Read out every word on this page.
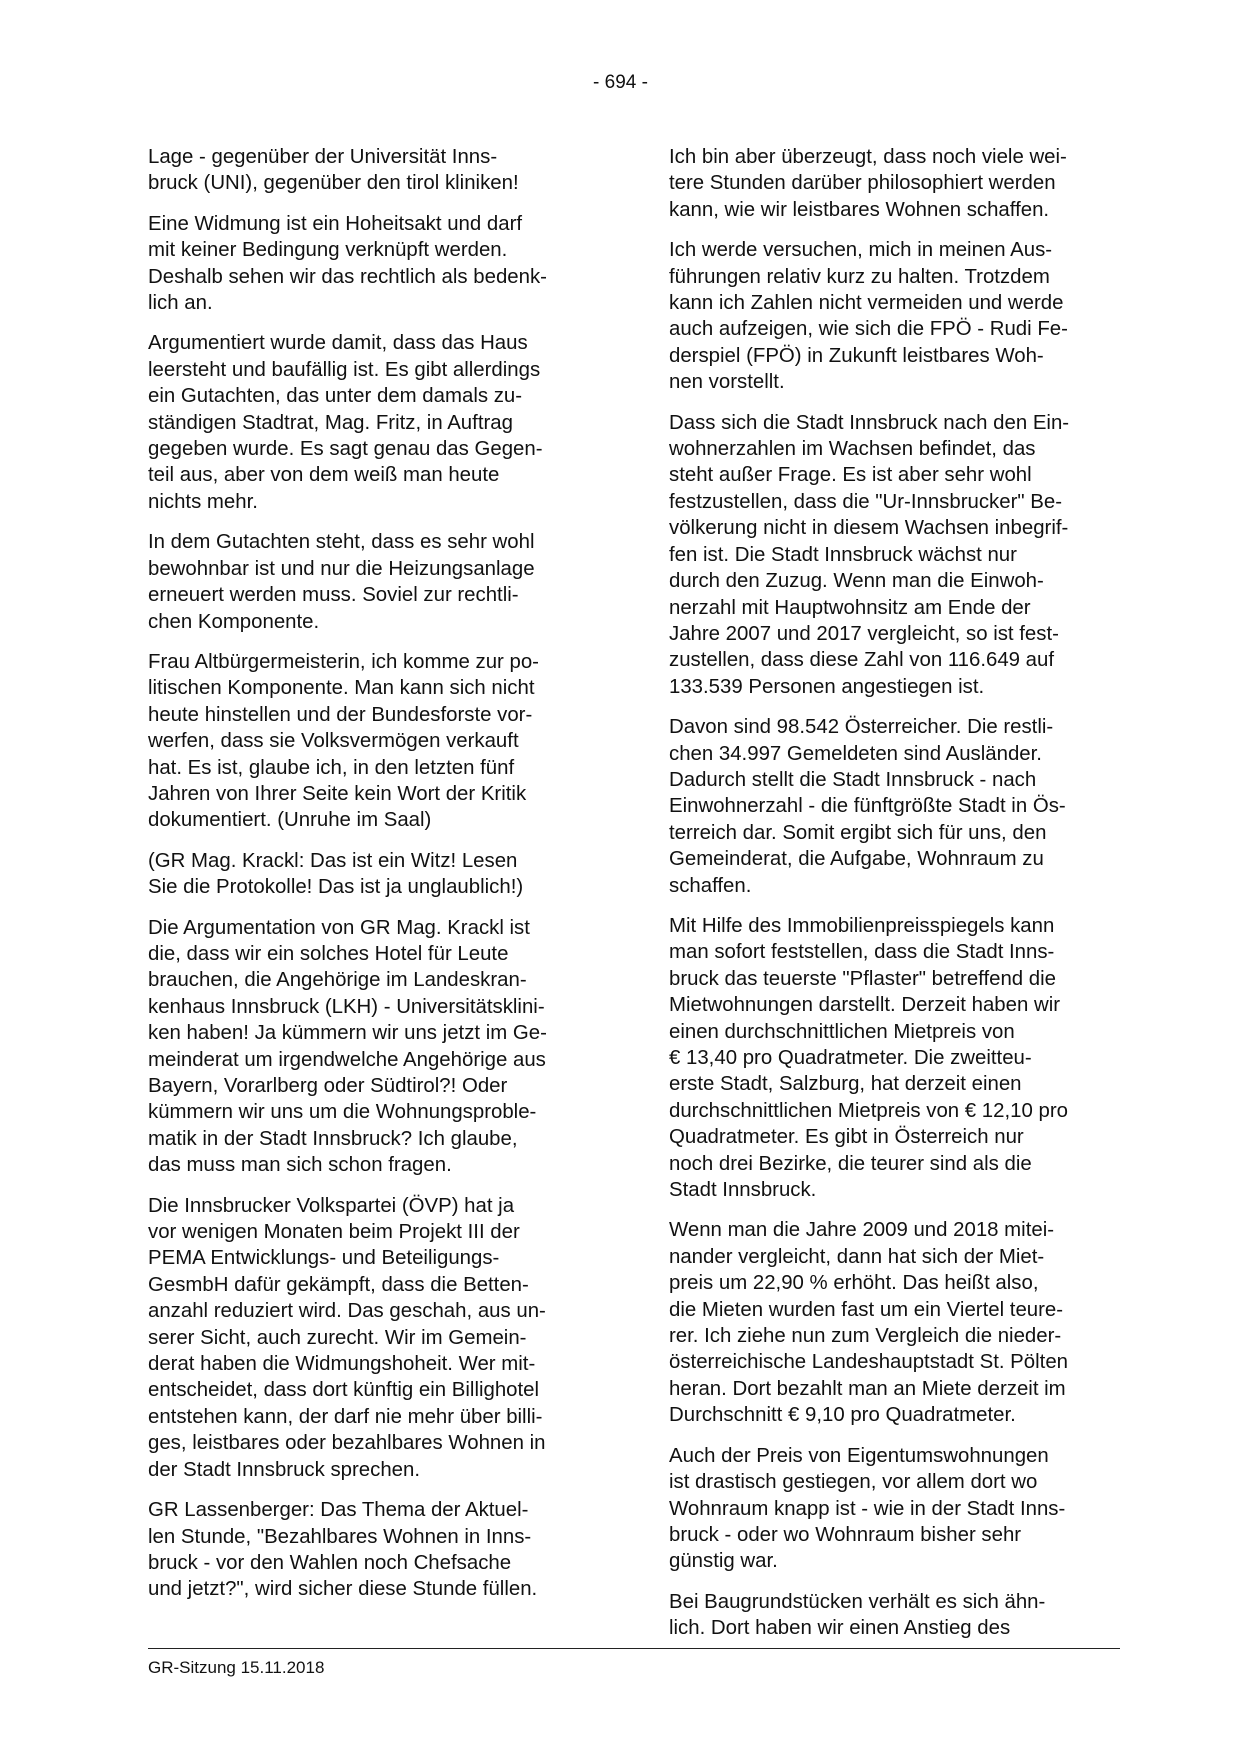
- 694 -

Lage - gegenüber der Universität Inns-
bruck (UNI), gegenüber den tirol kliniken!

Eine Widmung ist ein Hoheitsakt und darf
mit keiner Bedingung verknüpft werden.
Deshalb sehen wir das rechtlich als bedenk-
lich an.

Argumentiert wurde damit, dass das Haus
leersteht und baufällig ist. Es gibt allerdings
ein Gutachten, das unter dem damals zu-
ständigen Stadtrat, Mag. Fritz, in Auftrag
gegeben wurde. Es sagt genau das Gegen-
teil aus, aber von dem weiß man heute
nichts mehr.

In dem Gutachten steht, dass es sehr wohl
bewohnbar ist und nur die Heizungsanlage
erneuert werden muss. Soviel zur rechtli-
chen Komponente.

Frau Altbürgermeisterin, ich komme zur po-
litischen Komponente. Man kann sich nicht
heute hinstellen und der Bundesforste vor-
werfen, dass sie Volksvermögen verkauft
hat. Es ist, glaube ich, in den letzten fünf
Jahren von Ihrer Seite kein Wort der Kritik
dokumentiert. (Unruhe im Saal)

(GR Mag. Krackl: Das ist ein Witz! Lesen
Sie die Protokolle! Das ist ja unglaublich!)

Die Argumentation von GR Mag. Krackl ist
die, dass wir ein solches Hotel für Leute
brauchen, die Angehörige im Landeskran-
kenhaus Innsbruck (LKH) - Universitätsklini-
ken haben! Ja kümmern wir uns jetzt im Ge-
meinderat um irgendwelche Angehörige aus
Bayern, Vorarlberg oder Südtirol?! Oder
kümmern wir uns um die Wohnungsproble-
matik in der Stadt Innsbruck? Ich glaube,
das muss man sich schon fragen.

Die Innsbrucker Volkspartei (ÖVP) hat ja
vor wenigen Monaten beim Projekt III der
PEMA Entwicklungs- und Beteiligungs-
GesmbH dafür gekämpft, dass die Betten-
anzahl reduziert wird. Das geschah, aus un-
serer Sicht, auch zurecht. Wir im Gemein-
derat haben die Widmungshoheit. Wer mit-
entscheidet, dass dort künftig ein Billighotel
entstehen kann, der darf nie mehr über billi-
ges, leistbares oder bezahlbares Wohnen in
der Stadt Innsbruck sprechen.

GR Lassenberger: Das Thema der Aktuel-
len Stunde, "Bezahlbares Wohnen in Inns-
bruck - vor den Wahlen noch Chefsache
und jetzt?", wird sicher diese Stunde füllen.

Ich bin aber überzeugt, dass noch viele wei-
tere Stunden darüber philosophiert werden
kann, wie wir leistbares Wohnen schaffen.

Ich werde versuchen, mich in meinen Aus-
führungen relativ kurz zu halten. Trotzdem
kann ich Zahlen nicht vermeiden und werde
auch aufzeigen, wie sich die FPÖ - Rudi Fe-
derspiel (FPÖ) in Zukunft leistbares Woh-
nen vorstellt.

Dass sich die Stadt Innsbruck nach den Ein-
wohnerzahlen im Wachsen befindet, das
steht außer Frage. Es ist aber sehr wohl
festzustellen, dass die "Ur-Innsbrucker" Be-
völkerung nicht in diesem Wachsen inbegrif-
fen ist. Die Stadt Innsbruck wächst nur
durch den Zuzug. Wenn man die Einwoh-
nerzahl mit Hauptwohnsitz am Ende der
Jahre 2007 und 2017 vergleicht, so ist fest-
zustellen, dass diese Zahl von 116.649 auf
133.539 Personen angestiegen ist.

Davon sind 98.542 Österreicher. Die restli-
chen 34.997 Gemeldeten sind Ausländer.
Dadurch stellt die Stadt Innsbruck - nach
Einwohnerzahl - die fünftgrößte Stadt in Ös-
terreich dar. Somit ergibt sich für uns, den
Gemeinderat, die Aufgabe, Wohnraum zu
schaffen.

Mit Hilfe des Immobilienpreisspiegels kann
man sofort feststellen, dass die Stadt Inns-
bruck das teuerste "Pflaster" betreffend die
Mietwohnungen darstellt. Derzeit haben wir
einen durchschnittlichen Mietpreis von
€ 13,40 pro Quadratmeter. Die zweitteu-
erste Stadt, Salzburg, hat derzeit einen
durchschnittlichen Mietpreis von € 12,10 pro
Quadratmeter. Es gibt in Österreich nur
noch drei Bezirke, die teurer sind als die
Stadt Innsbruck.

Wenn man die Jahre 2009 und 2018 mitei-
nander vergleicht, dann hat sich der Miet-
preis um 22,90 % erhöht. Das heißt also,
die Mieten wurden fast um ein Viertel teure-
rer. Ich ziehe nun zum Vergleich die nieder-
österreichische Landeshauptstadt St. Pölten
heran. Dort bezahlt man an Miete derzeit im
Durchschnitt € 9,10 pro Quadratmeter.

Auch der Preis von Eigentumswohnungen
ist drastisch gestiegen, vor allem dort wo
Wohnraum knapp ist - wie in der Stadt Inns-
bruck - oder wo Wohnraum bisher sehr
günstig war.

Bei Baugrundstücken verhält es sich ähn-
lich. Dort haben wir einen Anstieg des

GR-Sitzung 15.11.2018
